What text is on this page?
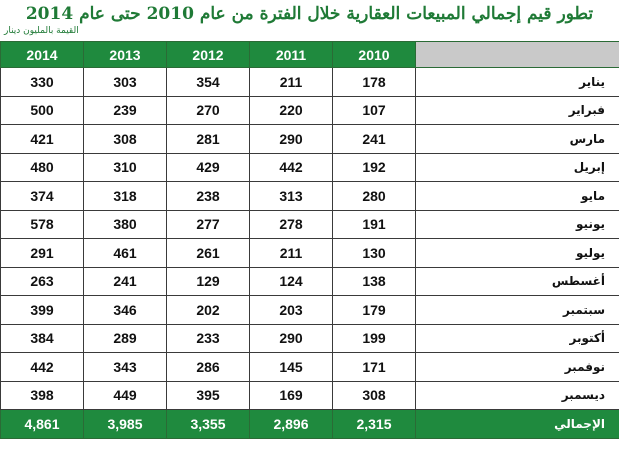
تطور قيم إجمالي المبيعات العقارية خلال الفترة من عام 2010 حتى عام 2014
القيمة بالمليون دينار
2014	2013	2012	2011	2010	
330	303	354	211	178	يناير
500	239	270	220	107	فبراير
421	308	281	290	241	مارس
480	310	429	442	192	إبريل
374	318	238	313	280	مايو
578	380	277	278	191	يونيو
291	461	261	211	130	يوليو
263	241	129	124	138	أغسطس
399	346	202	203	179	سبتمبر
384	289	233	290	199	أكتوبر
442	343	286	145	171	نوفمبر
398	449	395	169	308	ديسمبر
4,861	3,985	3,355	2,896	2,315	الإجمالي
